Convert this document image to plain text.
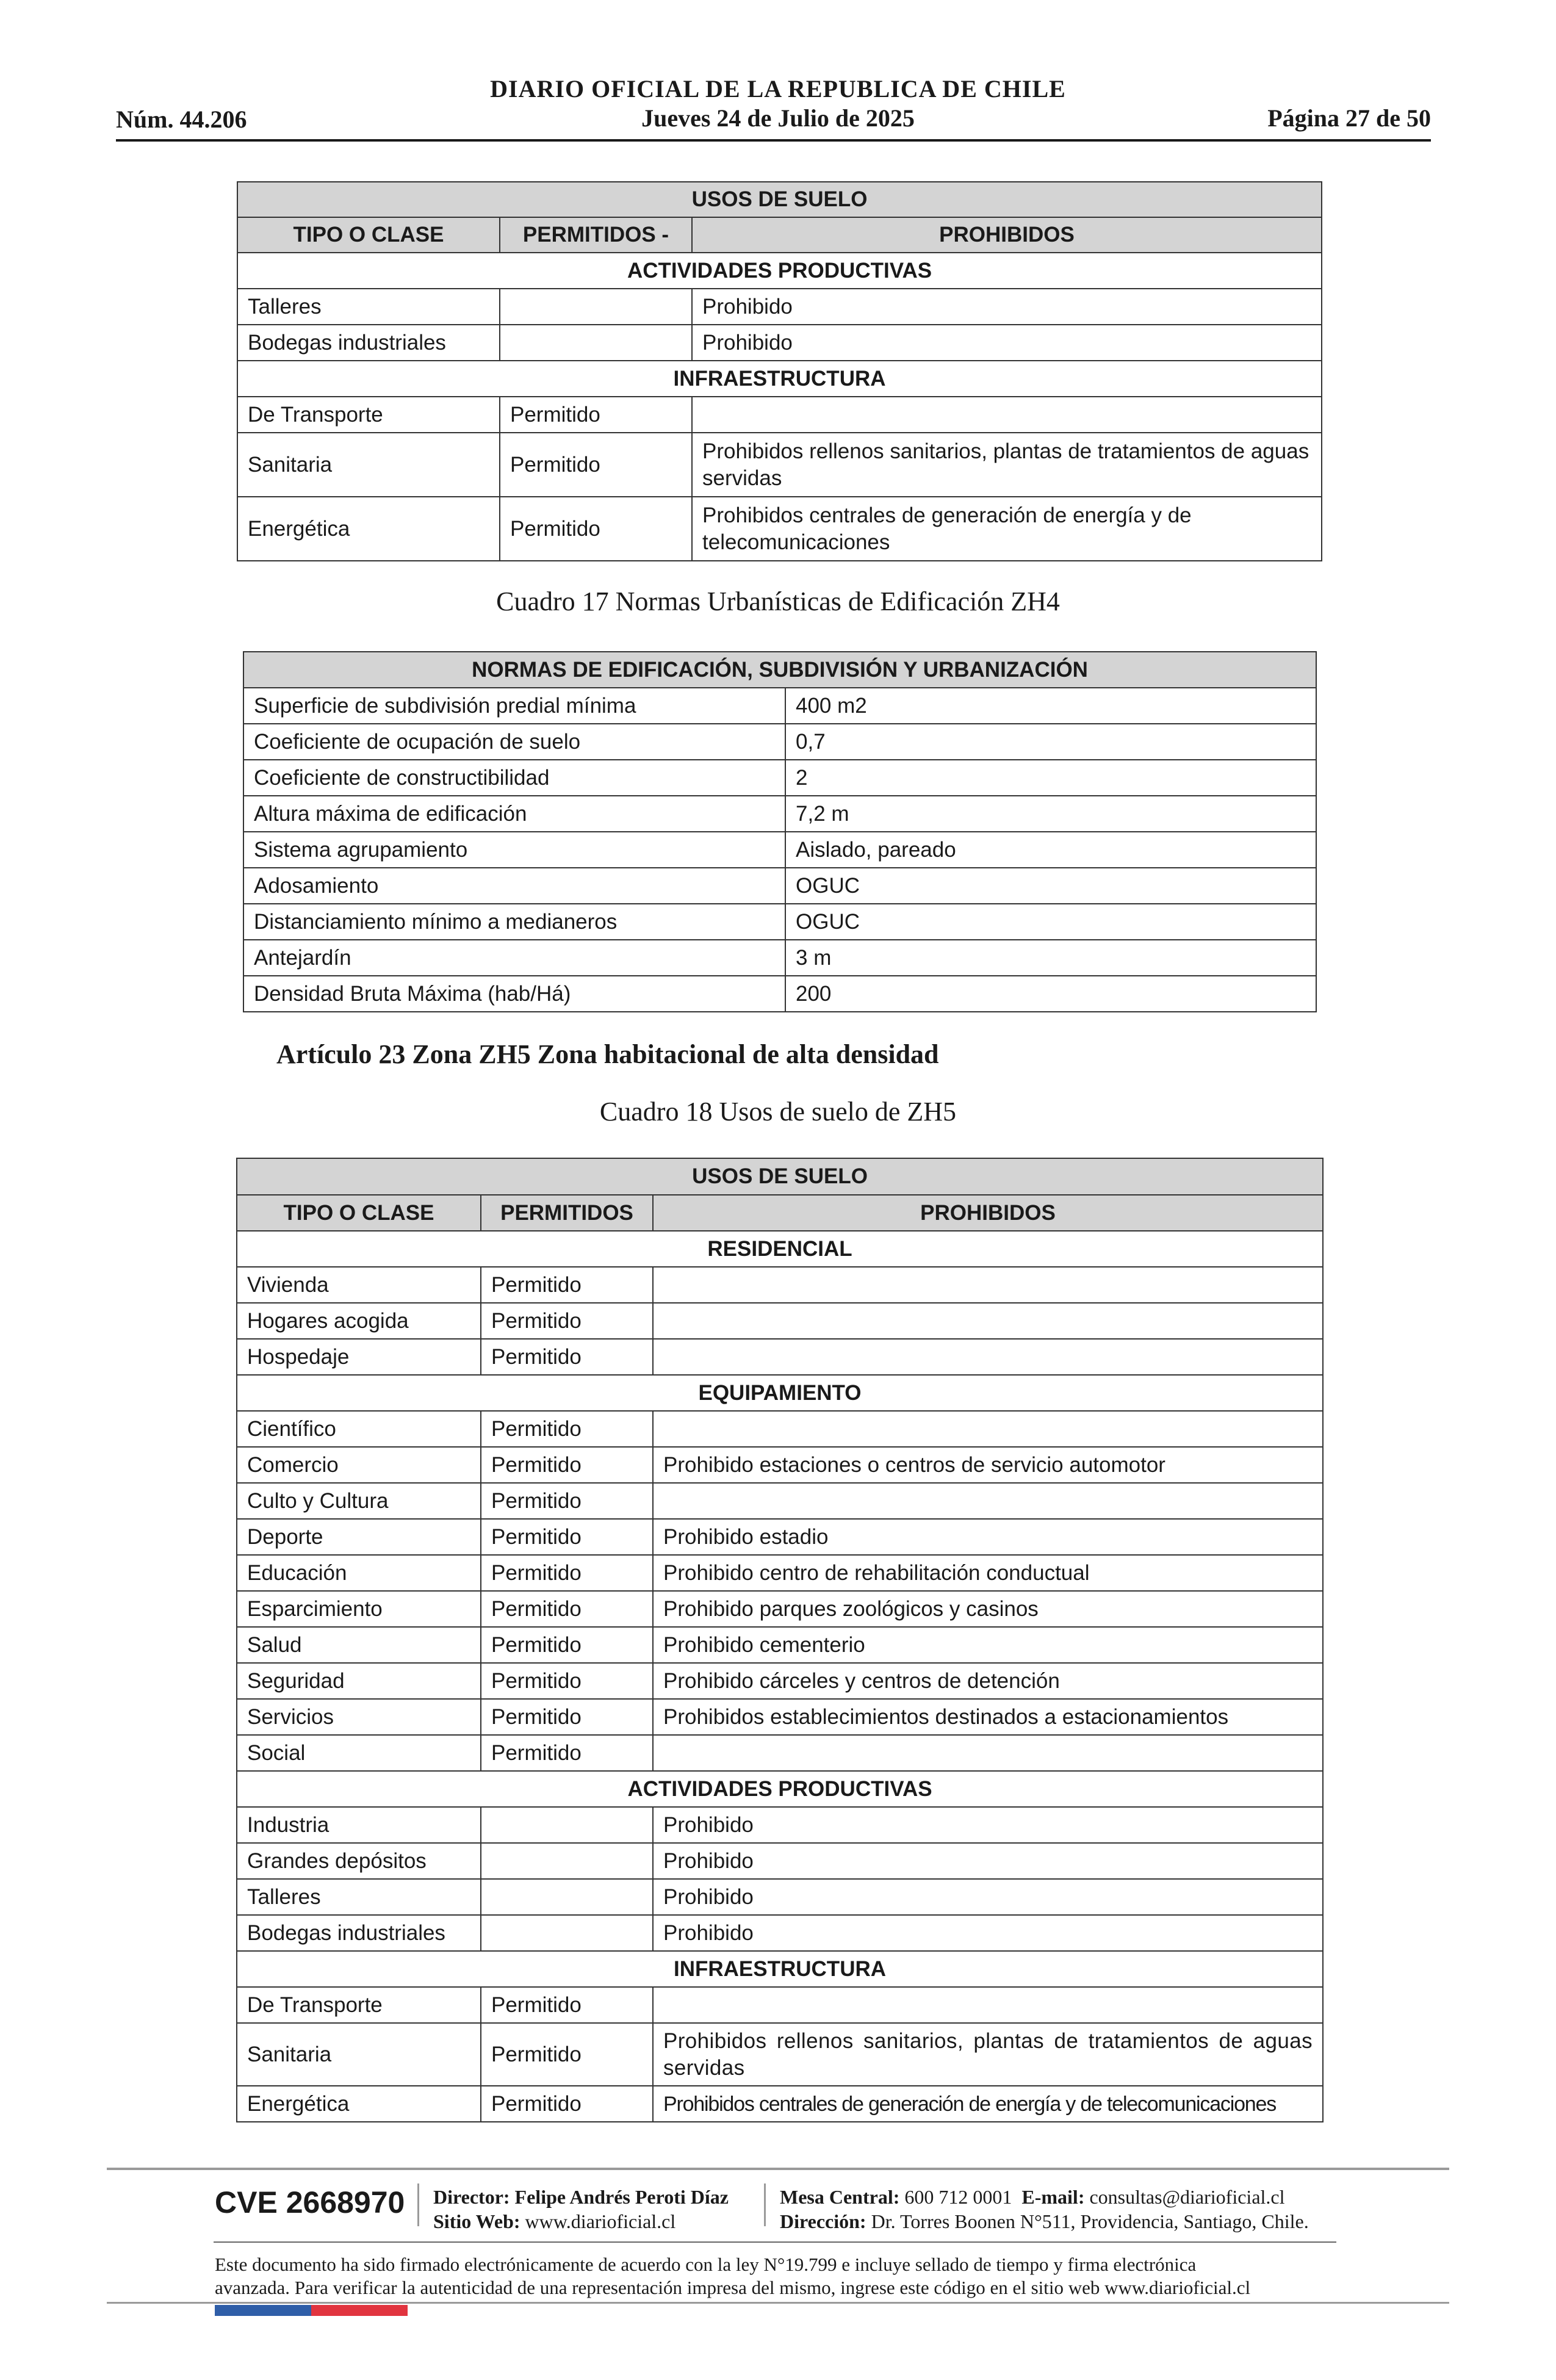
DIARIO OFICIAL DE LA REPUBLICA DE CHILE
Jueves 24 de Julio de 2025
Núm. 44.206	Página 27 de 50
USOS DE SUELO		
TIPO O CLASE	PERMITIDOS -	PROHIBIDOS
ACTIVIDADES PRODUCTIVAS		
Talleres		Prohibido
Bodegas industriales		Prohibido
INFRAESTRUCTURA		
De Transporte	Permitido	
Sanitaria	Permitido	Prohibidos rellenos sanitarios, plantas de tratamientos de aguas servidas
Energética	Permitido	Prohibidos centrales de generación de energía y de telecomunicaciones
Cuadro 17 Normas Urbanísticas de Edificación ZH4
NORMAS DE EDIFICACIÓN, SUBDIVISIÓN Y URBANIZACIÓN	
Superficie de subdivisión predial mínima	400 m2
Coeficiente de ocupación de suelo	0,7
Coeficiente de constructibilidad	2
Altura máxima de edificación	7,2 m
Sistema agrupamiento	Aislado, pareado
Adosamiento	OGUC
Distanciamiento mínimo a medianeros	OGUC
Antejardín	3 m
Densidad Bruta Máxima (hab/Há)	200
Artículo 23 Zona ZH5 Zona habitacional de alta densidad
Cuadro 18 Usos de suelo de ZH5
USOS DE SUELO		
TIPO O CLASE	PERMITIDOS	PROHIBIDOS
RESIDENCIAL		
Vivienda	Permitido	
Hogares acogida	Permitido	
Hospedaje	Permitido	
EQUIPAMIENTO		
Científico	Permitido	
Comercio	Permitido	Prohibido estaciones o centros de servicio automotor
Culto y Cultura	Permitido	
Deporte	Permitido	Prohibido estadio
Educación	Permitido	Prohibido centro de rehabilitación conductual
Esparcimiento	Permitido	Prohibido parques zoológicos y casinos
Salud	Permitido	Prohibido cementerio
Seguridad	Permitido	Prohibido cárceles y centros de detención
Servicios	Permitido	Prohibidos establecimientos destinados a estacionamientos
Social	Permitido	
ACTIVIDADES PRODUCTIVAS		
Industria		Prohibido
Grandes depósitos		Prohibido
Talleres		Prohibido
Bodegas industriales		Prohibido
INFRAESTRUCTURA		
De Transporte	Permitido	
Sanitaria	Permitido	Prohibidos rellenos sanitarios, plantas de tratamientos de aguas servidas
Energética	Permitido	Prohibidos centrales de generación de energía y de telecomunicaciones
CVE 2668970 Director: Felipe Andrés Peroti Díaz
Sitio Web: www.diarioficial.cl
Mesa Central: 600 712 0001 E-mail: consultas@diarioficial.cl
Dirección: Dr. Torres Boonen N°511, Providencia, Santiago, Chile.
Este documento ha sido firmado electrónicamente de acuerdo con la ley N°19.799 e incluye sellado de tiempo y firma electrónica
avanzada. Para verificar la autenticidad de una representación impresa del mismo, ingrese este código en el sitio web www.diarioficial.cl
